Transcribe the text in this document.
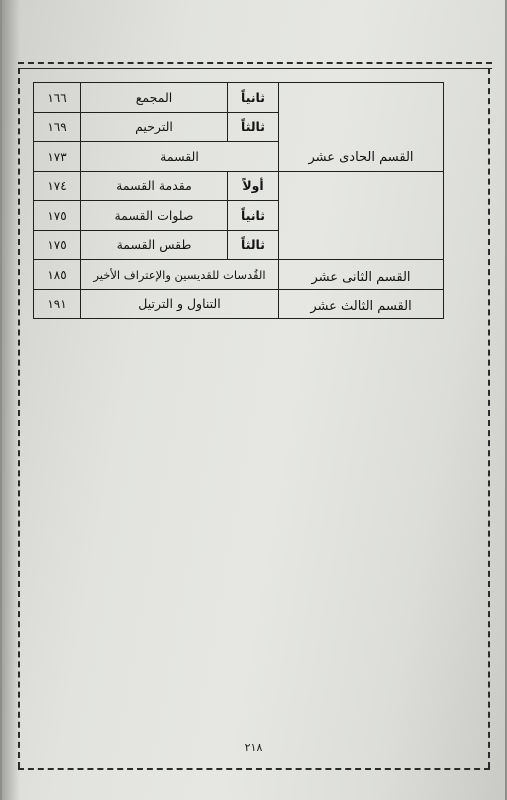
القسم الحادى عشر	ثانياً	المجمع	١٦٦
	ثالثاً	الترحيم	١٦٩
	القسمة		١٧٣
	أولاً	مقدمة القسمة	١٧٤
	ثانياً	صلوات القسمة	١٧٥
	ثالثاً	طقس القسمة	١٧٥
القسم الثانى عشر	القُدسات للقديسين والإعتراف الأخير		١٨٥
القسم الثالث عشر	التناول و الترتيل		١٩١
٢١٨
